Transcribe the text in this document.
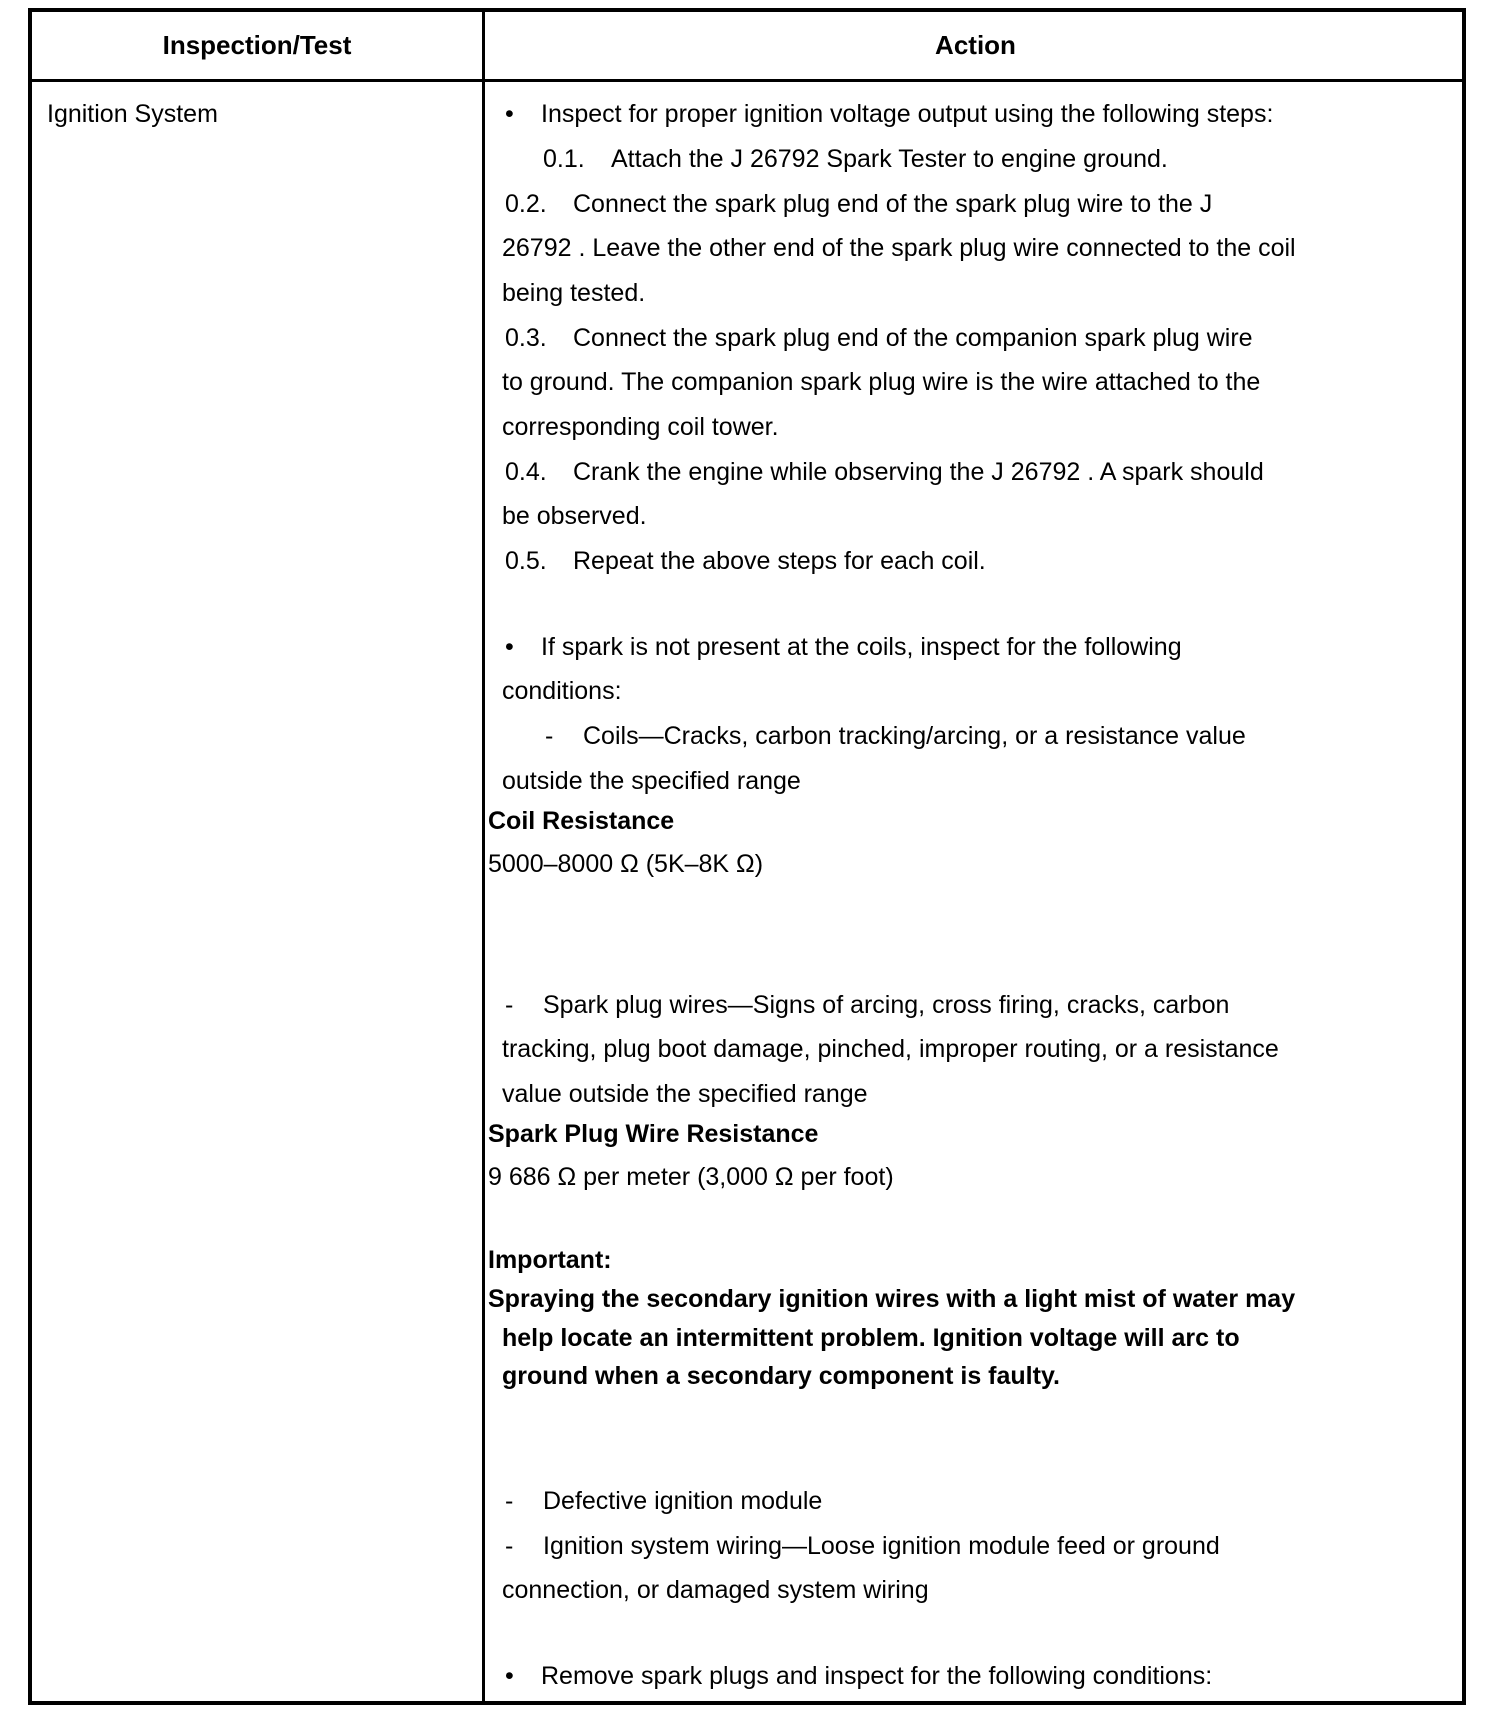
Inspection/Test	Action
Ignition System	• Inspect for proper ignition voltage output using the following steps:
0.1. Attach the J 26792 Spark Tester to engine ground.
0.2. Connect the spark plug end of the spark plug wire to the J
26792 . Leave the other end of the spark plug wire connected to the coil
being tested.
0.3. Connect the spark plug end of the companion spark plug wire
to ground. The companion spark plug wire is the wire attached to the
corresponding coil tower.
0.4. Crank the engine while observing the J 26792 . A spark should
be observed.
0.5. Repeat the above steps for each coil.
• If spark is not present at the coils, inspect for the following
conditions:
- Coils—Cracks, carbon tracking/arcing, or a resistance value
outside the specified range
Coil Resistance
5000–8000 Ω (5K–8K Ω)
- Spark plug wires—Signs of arcing, cross firing, cracks, carbon
tracking, plug boot damage, pinched, improper routing, or a resistance
value outside the specified range
Spark Plug Wire Resistance
9 686 Ω per meter (3,000 Ω per foot)
Important:
Spraying the secondary ignition wires with a light mist of water may
help locate an intermittent problem. Ignition voltage will arc to
ground when a secondary component is faulty.
- Defective ignition module
- Ignition system wiring—Loose ignition module feed or ground
connection, or damaged system wiring
• Remove spark plugs and inspect for the following conditions:
